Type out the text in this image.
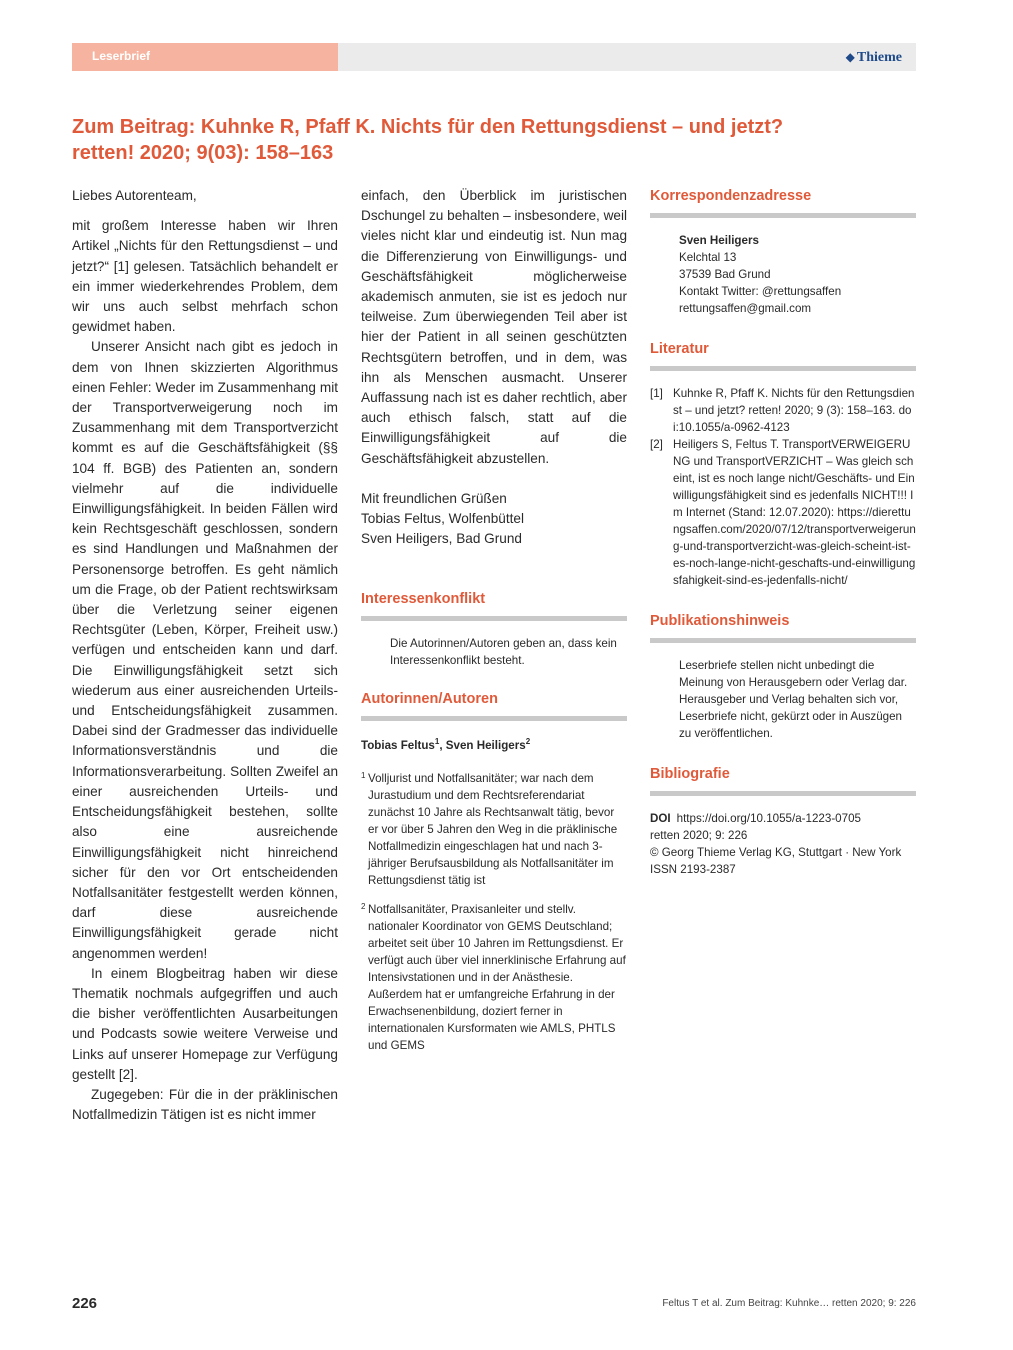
Leserbrief	◆ Thieme
Zum Beitrag: Kuhnke R, Pfaff K. Nichts für den Rettungsdienst – und jetzt?
retten! 2020; 9(03): 158–163

Liebes Autorenteam,

mit großem Interesse haben wir Ihren Artikel „Nichts für den Rettungsdienst – und jetzt?“ [1] gelesen. Tatsächlich behandelt er ein immer wiederkehrendes Problem, dem wir uns auch selbst mehrfach schon gewidmet haben.

Unserer Ansicht nach gibt es jedoch in dem von Ihnen skizzierten Algorithmus einen Fehler: Weder im Zusammenhang mit der Transportverweigerung noch im Zusammenhang mit dem Transportverzicht kommt es auf die Geschäftsfähigkeit (§§ 104 ff. BGB) des Patienten an, sondern vielmehr auf die individuelle Einwilligungsfähigkeit. In beiden Fällen wird kein Rechtsgeschäft geschlossen, sondern es sind Handlungen und Maßnahmen der Personensorge betroffen. Es geht nämlich um die Frage, ob der Patient rechtswirksam über die Verletzung seiner eigenen Rechtsgüter (Leben, Körper, Freiheit usw.) verfügen und entscheiden kann und darf. Die Einwilligungsfähigkeit setzt sich wiederum aus einer ausreichenden Urteils- und Entscheidungsfähigkeit zusammen. Dabei sind der Gradmesser das individuelle Informationsverständnis und die Informationsverarbeitung. Sollten Zweifel an einer ausreichenden Urteils- und Entscheidungsfähigkeit bestehen, sollte also eine ausreichende Einwilligungsfähigkeit nicht hinreichend sicher für den vor Ort entscheidenden Notfallsanitäter festgestellt werden können, darf diese ausreichende Einwilligungsfähigkeit gerade nicht angenommen werden!

In einem Blogbeitrag haben wir diese Thematik nochmals aufgegriffen und auch die bisher veröffentlichten Ausarbeitungen und Podcasts sowie weitere Verweise und Links auf unserer Homepage zur Verfügung gestellt [2].

Zugegeben: Für die in der präklinischen Notfallmedizin Tätigen ist es nicht immer

einfach, den Überblick im juristischen Dschungel zu behalten – insbesondere, weil vieles nicht klar und eindeutig ist. Nun mag die Differenzierung von Einwilligungs- und Geschäftsfähigkeit möglicherweise akademisch anmuten, sie ist es jedoch nur teilweise. Zum überwiegenden Teil aber ist hier der Patient in all seinen geschützten Rechtsgütern betroffen, und in dem, was ihn als Menschen ausmacht. Unserer Auffassung nach ist es daher rechtlich, aber auch ethisch falsch, statt auf die Einwilligungsfähigkeit auf die Geschäftsfähigkeit abzustellen.

Mit freundlichen Grüßen
Tobias Feltus, Wolfenbüttel
Sven Heiligers, Bad Grund
Interessenkonflikt
Die Autorinnen/Autoren geben an, dass kein Interessenkonflikt besteht.
Autorinnen/Autoren
Tobias Feltus$^1$, Sven Heiligers$^2$
1 Volljurist und Notfallsanitäter; war nach dem Jurastudium und dem Rechtsreferendariat zunächst 10 Jahre als Rechtsanwalt tätig, bevor er vor über 5 Jahren den Weg in die präklinische Notfallmedizin eingeschlagen hat und nach 3-jähriger Berufsausbildung als Notfallsanitäter im Rettungsdienst tätig ist
2 Notfallsanitäter, Praxisanleiter und stellv. nationaler Koordinator von GEMS Deutschland; arbeitet seit über 10 Jahren im Rettungsdienst. Er verfügt auch über viel innerklinische Erfahrung auf Intensivstationen und in der Anästhesie. Außerdem hat er umfangreiche Erfahrung in der Erwachsenenbildung, doziert ferner in internationalen Kursformaten wie AMLS, PHTLS und GEMS
Korrespondenzadresse
Sven Heiligers
Kelchtal 13
37539 Bad Grund
Kontakt Twitter: @rettungsaffen
rettungsaffen@gmail.com
Literatur
[1] Kuhnke R, Pfaff K. Nichts für den Rettungsdienst – und jetzt? retten! 2020; 9 (3): 158–163. doi:10.1055/a-0962-4123
[2] Heiligers S, Feltus T. TransportVERWEIGERUNG und TransportVERZICHT – Was gleich scheint, ist es noch lange nicht/Geschäfts- und Einwilligungsfähigkeit sind es jedenfalls NICHT!!! Im Internet (Stand: 12.07.2020): https://dierettungsaffen.com/2020/07/12/transportverweigerung-und-transportverzicht-was-gleich-scheint-ist-es-noch-lange-nicht-geschafts-und-einwilligungsfahigkeit-sind-es-jedenfalls-nicht/
Publikationshinweis
Leserbriefe stellen nicht unbedingt die Meinung von Herausgebern oder Verlag dar. Herausgeber und Verlag behalten sich vor, Leserbriefe nicht, gekürzt oder in Auszügen zu veröffentlichen.
Bibliografie
DOI https://doi.org/10.1055/a-1223-0705
retten 2020; 9: 226
© Georg Thieme Verlag KG, Stuttgart · New York
ISSN 2193-2387
226	Feltus T et al. Zum Beitrag: Kuhnke… retten 2020; 9: 226
